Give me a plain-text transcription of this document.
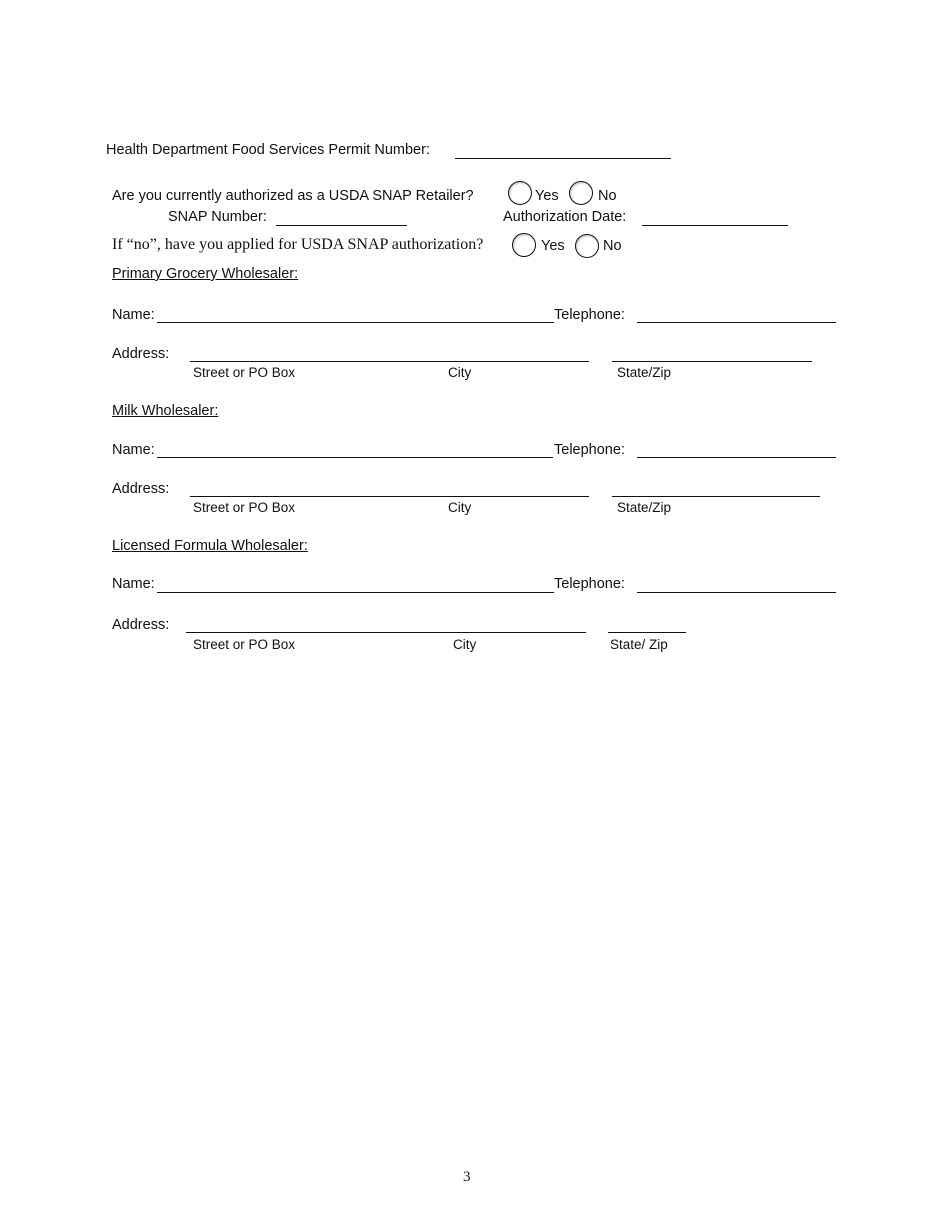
Health Department Food Services Permit Number:
Are you currently authorized as a USDA SNAP Retailer?	Yes	No
SNAP Number:	Authorization Date:
If “no”, have you applied for USDA SNAP authorization?	Yes	No
Primary Grocery Wholesaler:
Name:	Telephone:
Address:
Street or PO Box	City	State/Zip
Milk Wholesaler:
Name:	Telephone:
Address:
Street or PO Box	City	State/Zip
Licensed Formula Wholesaler:
Name:	Telephone:
Address:
Street or PO Box	City	State/ Zip
3
